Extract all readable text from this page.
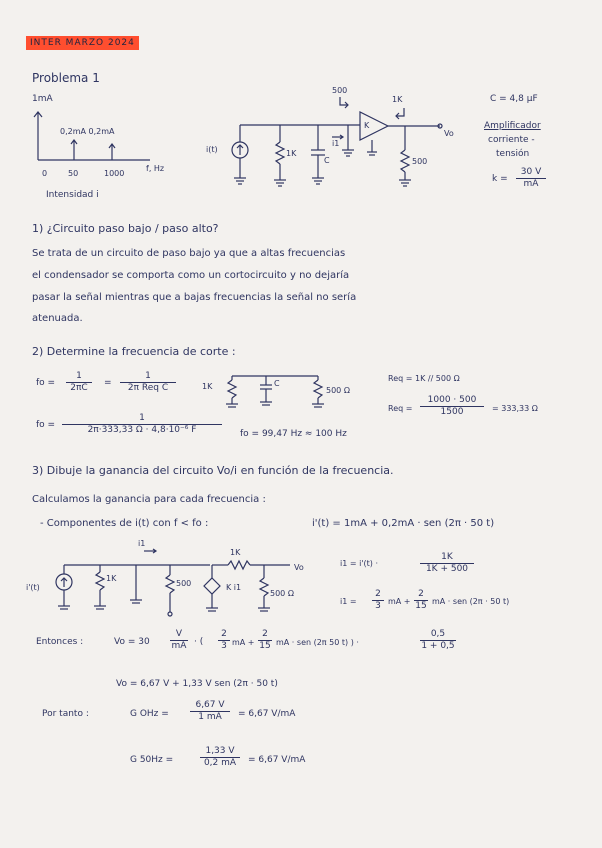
INTER MARZO 2024
Problema 1
1mA
0,2mA 0,2mA
f, Hz
0	50	1000
Intensidad i
i(t)	1K
C
500
1K
K
i1
Vo
500
C = 4,8 μF
Amplificador
corriente -
tensión
$k = \frac{30 V}{mA}$
1) ¿Circuito paso bajo / paso alto?
Se trata de un circuito de paso bajo ya que a altas frecuencias
el condensador se comporta como un cortocircuito y no dejaría
pasar la señal mientras que a bajas frecuencias la señal no sería
atenuada.
2) Determine la frecuencia de corte :
fo = $\frac{1}{2\pi C}$ =
1
2π Req C	1K	C
500 Ω
Req = 1K // 500 Ω
Req = $\frac{1000 \cdot 500}{1500} = 333,33$ Ω
fo = $\frac{1}{\text{2π·333,33 Ω · 4,8·10⁻⁶ F}}$ fo = 99,47 Hz ≈ 100 Hz
3) Dibuje la ganancia del circuito Vo/i en función de la frecuencia.
Calculamos la ganancia para cada frecuencia :
- Componentes de i(t) con f < fo :	i'(t) = 1mA + 0,2mA · sen (2π · 50 t)
i'(t)
1K
500
i1
1K
K i1
500 Ω
Vo	i1 = i'(t) ·	$\frac{1K}{1K + 500}$
$i1 = \frac{2}{3}$ mA + $\frac{2}{15}$ mA · sen (2π · 50 t)
Entonces :	$Vo = 30 \frac{V}{mA}$ · ( $\frac{2}{3}$ mA + $\frac{2}{15}$ mA · sen (2π 50 t) ) ·	$\frac{0,5}{1 + 0,5}$
Vo = 6,67 V + 1,33 V sen (2π · 50 t)
Por tanto :	G OHz = $\frac{6,67 V}{1 mA} = 6,67$ V/mA
G 50Hz =	$\frac{1,33 V}{0,2 mA} = 6,67$ V/mA
